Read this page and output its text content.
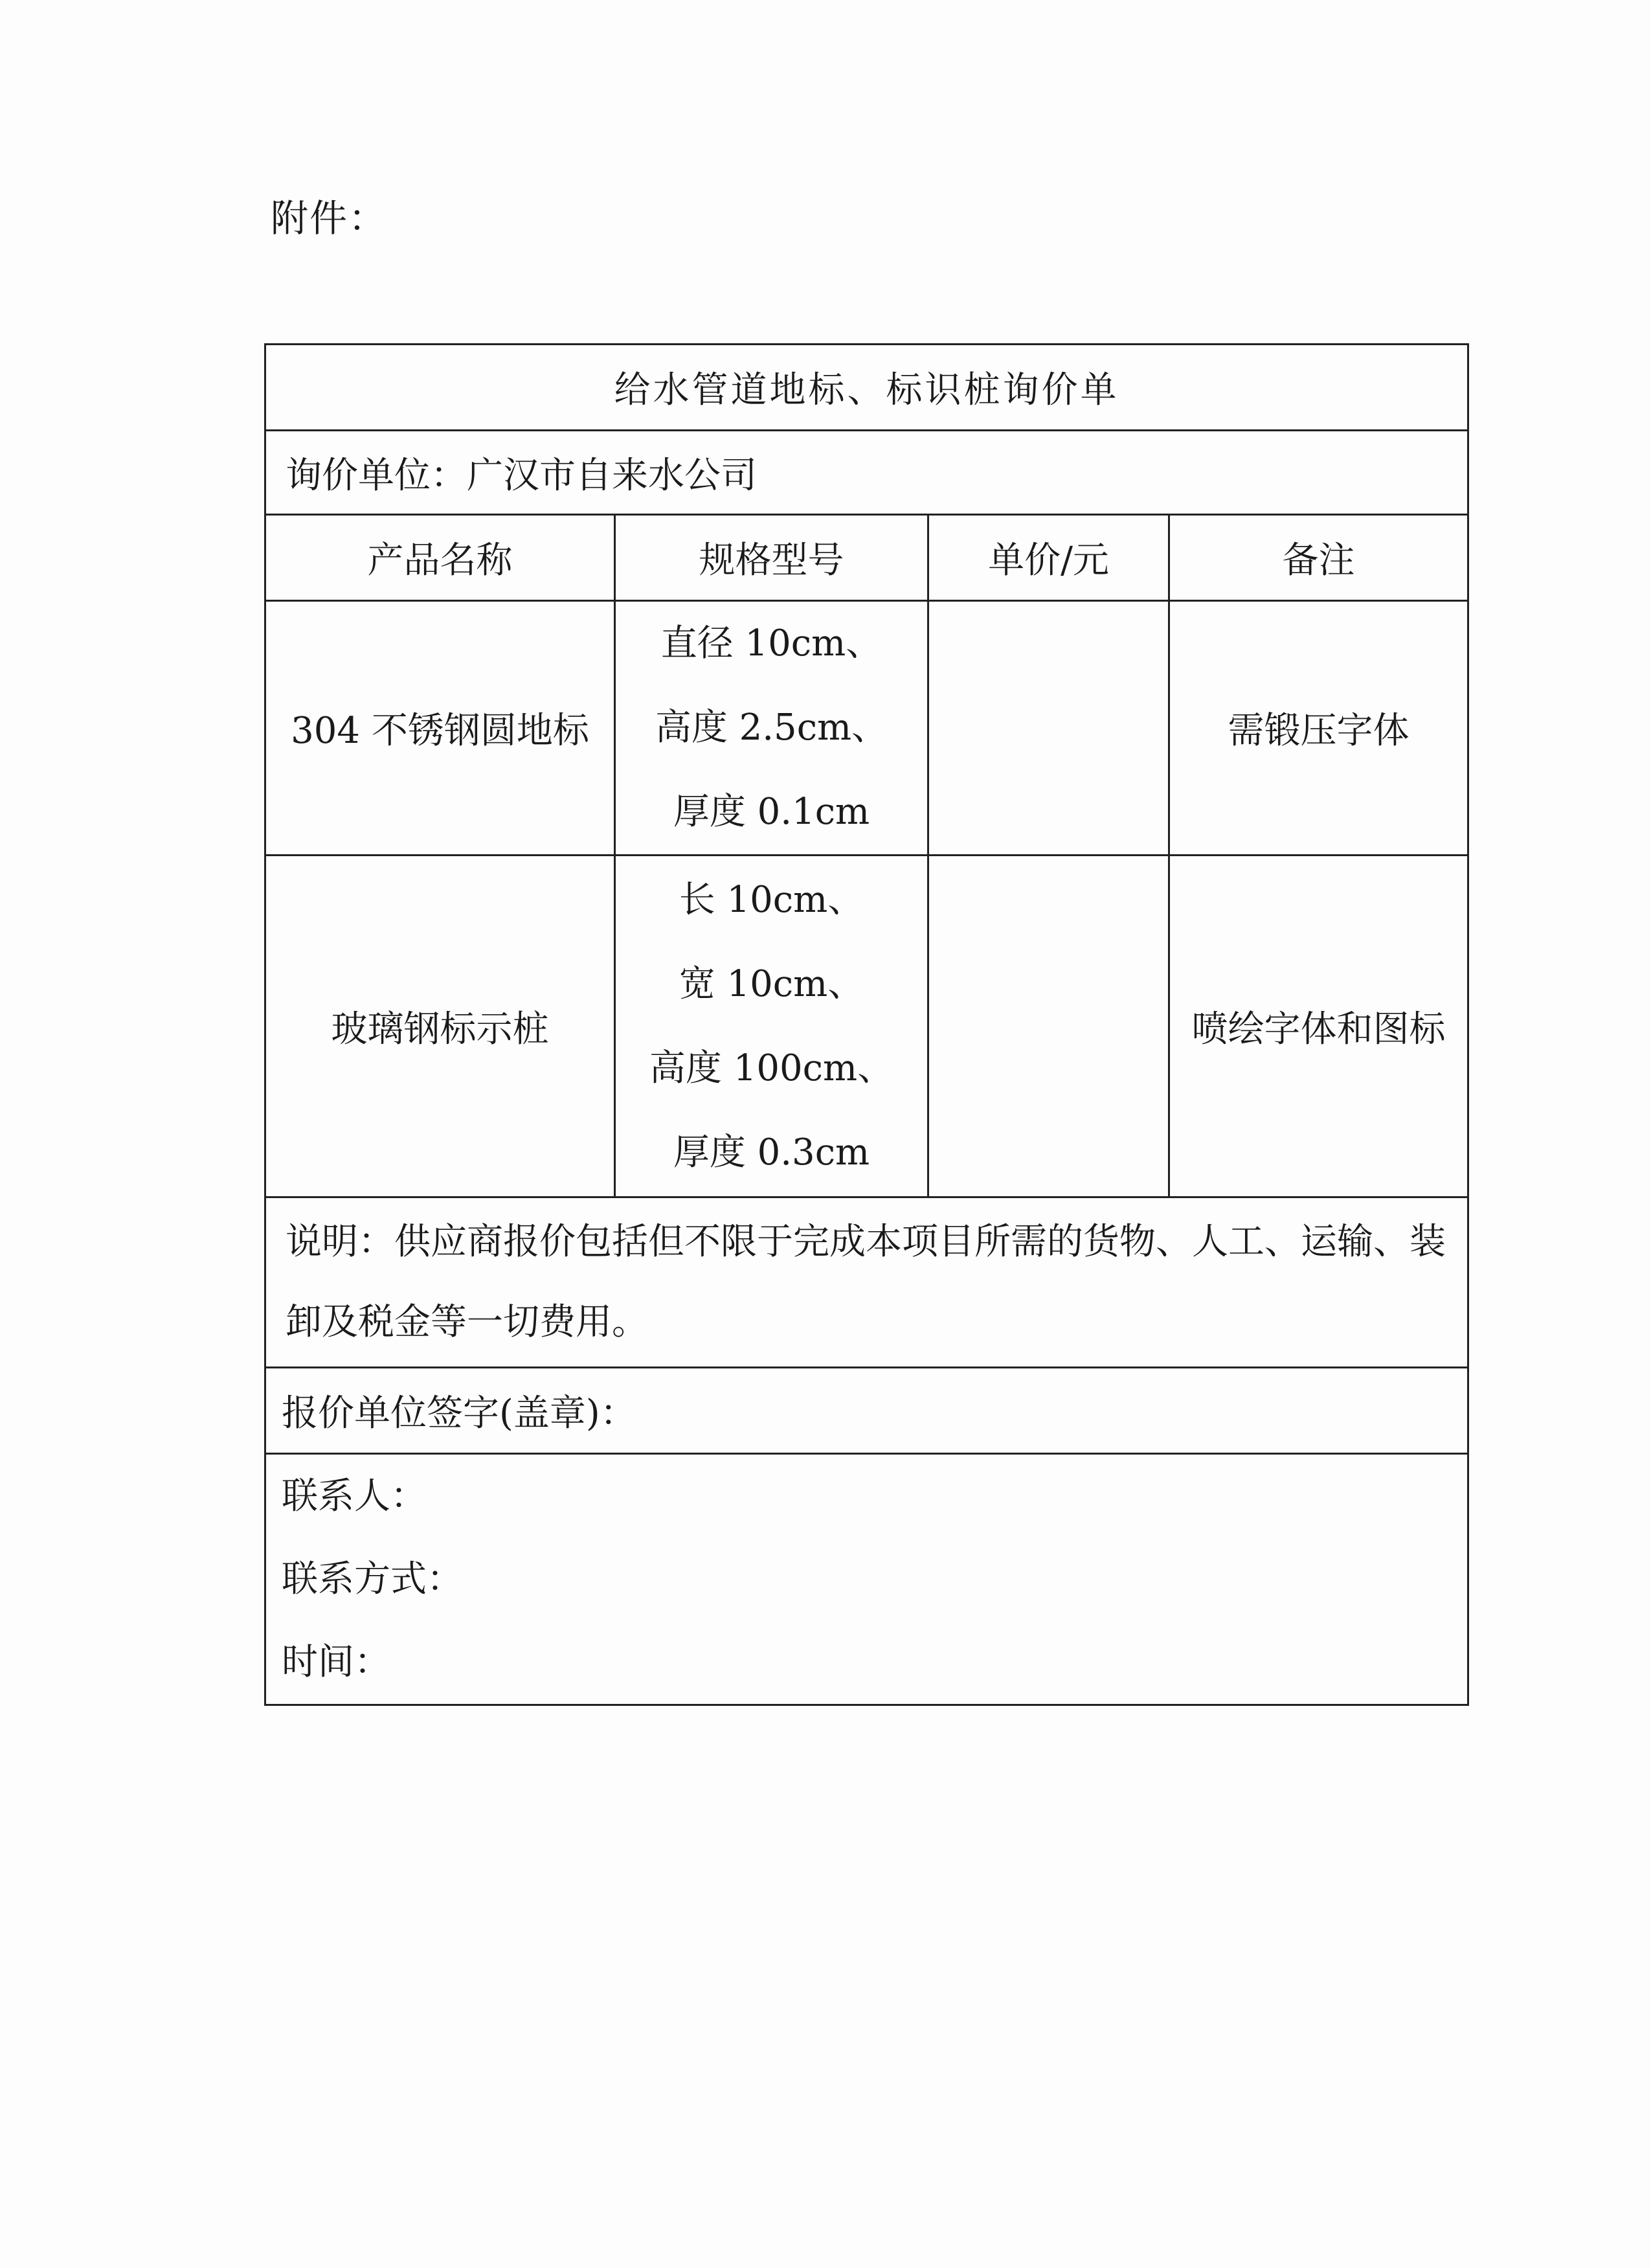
附件：
给水管道地标、标识桩询价单			
询价单位：广汉市自来水公司			
产品名称	规格型号	单价/元	备注
304 不锈钢圆地标	直径 10cm、
高度 2.5cm、
厚度 0.1cm		需锻压字体
玻璃钢标示桩	长 10cm、
宽 10cm、
高度 100cm、
厚度 0.3cm		喷绘字体和图标
说明：供应商报价包括但不限于完成本项目所需的货物、人工、运输、装卸及税金等一切费用。			
报价单位签字(盖章)：			

联系人：
联系方式：
时间：			
